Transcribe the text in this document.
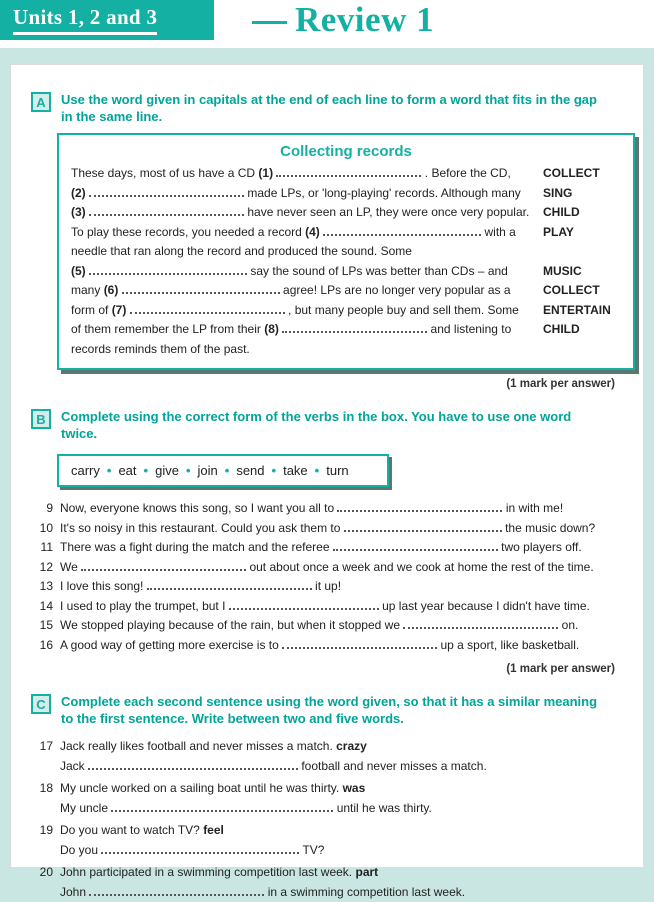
Units 1, 2 and 3	Review 1
A	Use the word given in capitals at the end of each line to form a word that fits in the gap in the same line.
Collecting records
These days, most of us have a CD (1)	. Before the CD,	COLLECT
(2)	made LPs, or 'long-playing' records. Although many	SING
(3)	have never seen an LP, they were once very popular.	CHILD
To play these records, you needed a record (4)	with a	PLAY
needle that ran along the record and produced the sound. Some
(5)	say the sound of LPs was better than CDs – and	MUSIC
many (6)	agree! LPs are no longer very popular as a	COLLECT
form of (7)	, but many people buy and sell them. Some	ENTERTAIN
of them remember the LP from their (8)	and listening to	CHILD
records reminds them of the past.
(1 mark per answer)
B	Complete using the correct form of the verbs in the box. You have to use one word twice.
carry • eat • give • join • send • take • turn
9 Now, everyone knows this song, so I want you all to	in with me!
10 It's so noisy in this restaurant. Could you ask them to	the music down?
11 There was a fight during the match and the referee	two players off.
12 We	out about once a week and we cook at home the rest of the time.
13 I love this song!	it up!
14 I used to play the trumpet, but I	up last year because I didn't have time.
15 We stopped playing because of the rain, but when it stopped we	on.
16 A good way of getting more exercise is to	up a sport, like basketball.
(1 mark per answer)
C	Complete each second sentence using the word given, so that it has a similar meaning to the first sentence. Write between two and five words.
17 Jack really likes football and never misses a match. crazy
Jack	football and never misses a match.
18 My uncle worked on a sailing boat until he was thirty. was
My uncle	until he was thirty.
19 Do you want to watch TV? feel
Do you	TV?
20 John participated in a swimming competition last week. part
John	in a swimming competition last week.
